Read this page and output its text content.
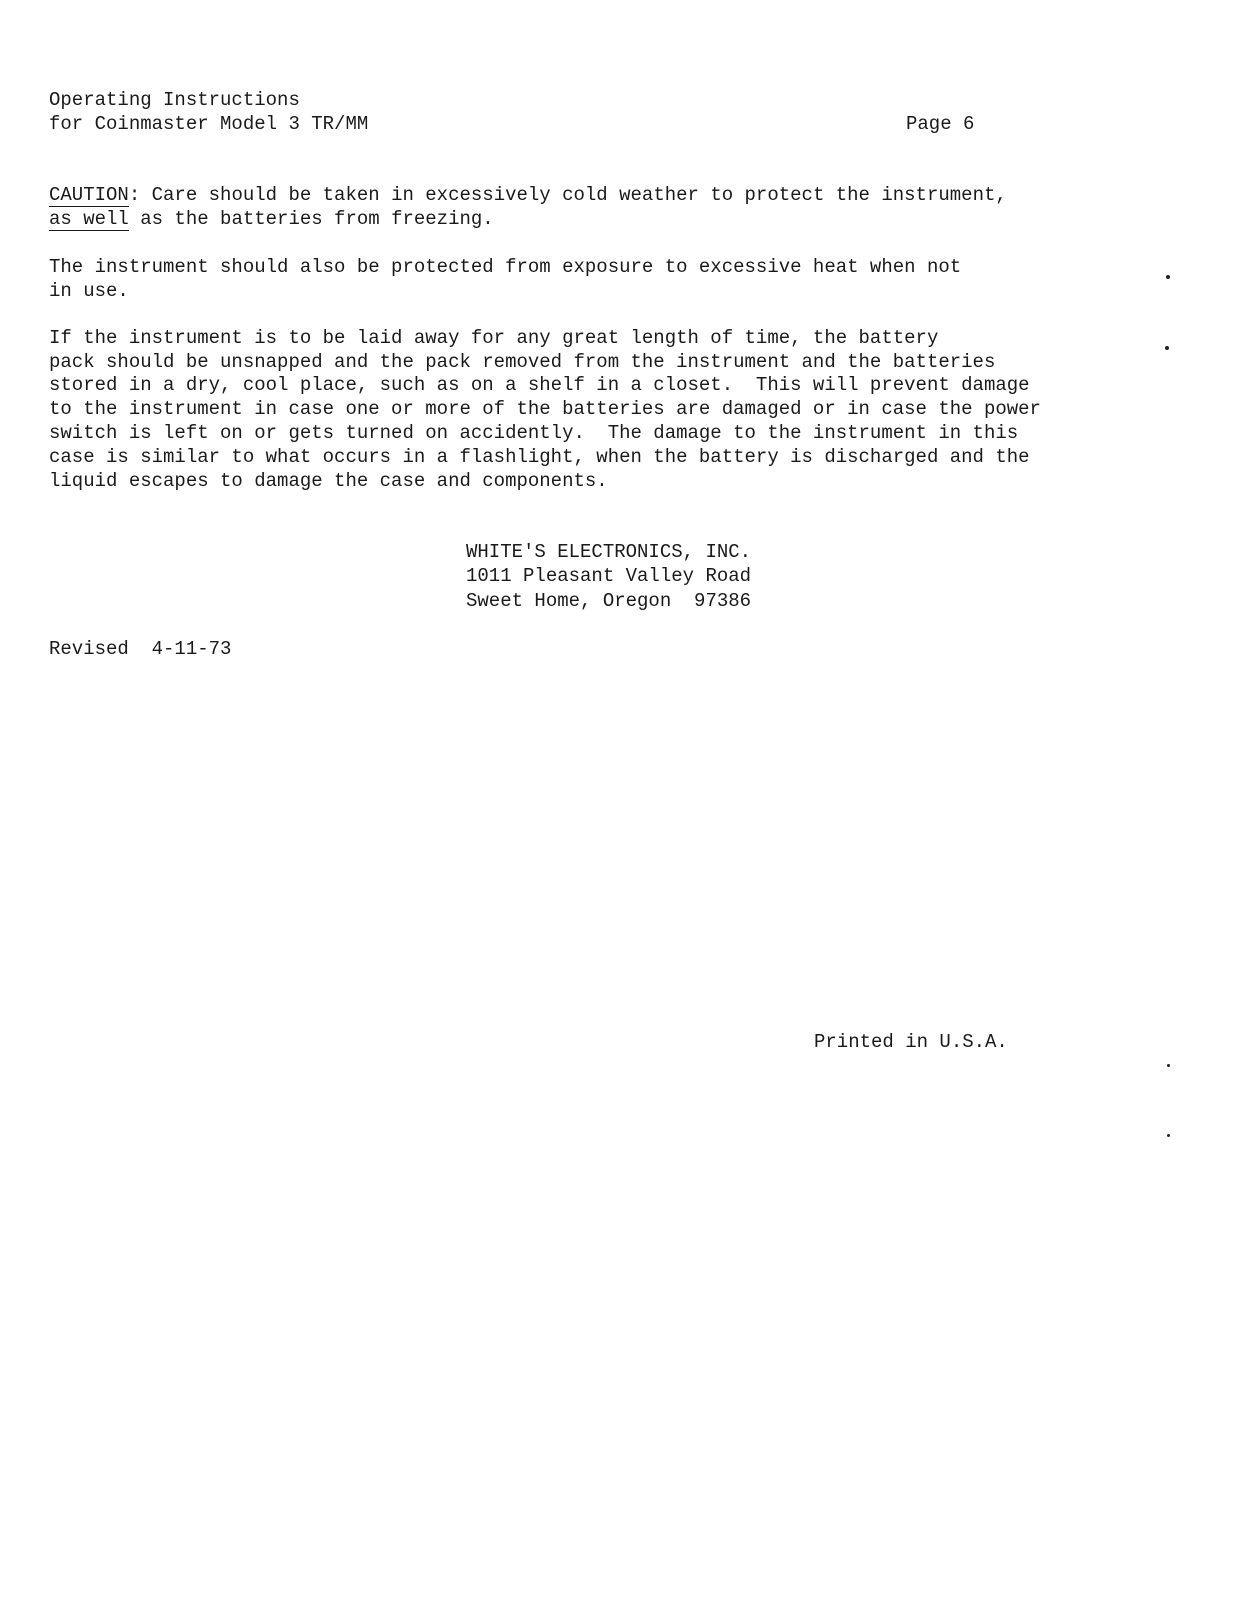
Operating Instructions
for Coinmaster Model 3 TR/MM	Page 6
CAUTION: Care should be taken in excessively cold weather to protect the instrument,
as well as the batteries from freezing.
The instrument should also be protected from exposure to excessive heat when not
in use.
If the instrument is to be laid away for any great length of time, the battery
pack should be unsnapped and the pack removed from the instrument and the batteries
stored in a dry, cool place, such as on a shelf in a closet.  This will prevent damage
to the instrument in case one or more of the batteries are damaged or in case the power
switch is left on or gets turned on accidently.  The damage to the instrument in this
case is similar to what occurs in a flashlight, when the battery is discharged and the
liquid escapes to damage the case and components.
WHITE'S ELECTRONICS, INC.
1011 Pleasant Valley Road
Sweet Home, Oregon  97386
Revised  4-11-73
Printed in U.S.A.
